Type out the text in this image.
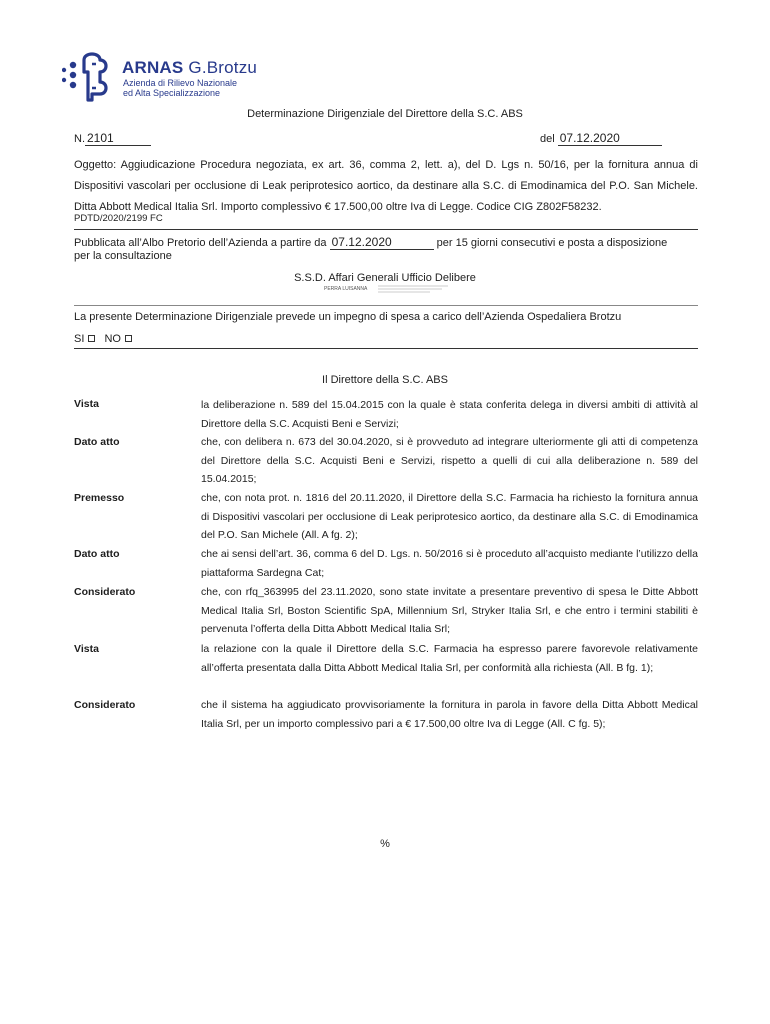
ARNAS G.Brotzu
Azienda di Rilievo Nazionale
ed Alta Specializzazione
Determinazione Dirigenziale del Direttore della S.C. ABS
N. 2101	del 07.12.2020
Oggetto: Aggiudicazione Procedura negoziata, ex art. 36, comma 2, lett. a), del D. Lgs n. 50/16, per la fornitura annua di Dispositivi vascolari per occlusione di Leak periprotesico aortico, da destinare alla S.C. di Emodinamica del P.O. San Michele. Ditta Abbott Medical Italia Srl. Importo complessivo € 17.500,00 oltre Iva di Legge. Codice CIG Z802F58232.
PDTD/2020/2199 FC
Pubblicata all’Albo Pretorio dell’Azienda a partire da 07.12.2020	per 15 giorni consecutivi e posta a disposizione
per la consultazione
S.S.D. Affari Generali Ufficio Delibere
PERRA LUISANNA
La presente Determinazione Dirigenziale prevede un impegno di spesa a carico dell’Azienda Ospedaliera Brotzu
SI NO
Il Direttore della S.C. ABS
Vista	la deliberazione n. 589 del 15.04.2015 con la quale è stata conferita delega in diversi ambiti di attività al Direttore della S.C. Acquisti Beni e Servizi;
Dato atto	che, con delibera n. 673 del 30.04.2020, si è provveduto ad integrare ulteriormente gli atti di competenza del Direttore della S.C. Acquisti Beni e Servizi, rispetto a quelli di cui alla deliberazione n. 589 del 15.04.2015;
Premesso	che, con nota prot. n. 1816 del 20.11.2020, il Direttore della S.C. Farmacia ha richiesto la fornitura annua di Dispositivi vascolari per occlusione di Leak periprotesico aortico, da destinare alla S.C. di Emodinamica del P.O. San Michele (All. A fg. 2);
Dato atto	che ai sensi dell’art. 36, comma 6 del D. Lgs. n. 50/2016 si è proceduto all’acquisto mediante l’utilizzo della piattaforma Sardegna Cat;
Considerato	che, con rfq_363995 del 23.11.2020, sono state invitate a presentare preventivo di spesa le Ditte Abbott Medical Italia Srl, Boston Scientific SpA, Millennium Srl, Stryker Italia Srl, e che entro i termini stabiliti è pervenuta l’offerta della Ditta Abbott Medical Italia Srl;
Vista	la relazione con la quale il Direttore della S.C. Farmacia ha espresso parere favorevole relativamente all’offerta presentata dalla Ditta Abbott Medical Italia Srl, per conformità alla richiesta (All. B fg. 1);
Considerato	che il sistema ha aggiudicato provvisoriamente la fornitura in parola in favore della Ditta Abbott Medical Italia Srl, per un importo complessivo pari a € 17.500,00 oltre Iva di Legge (All. C fg. 5);
%
